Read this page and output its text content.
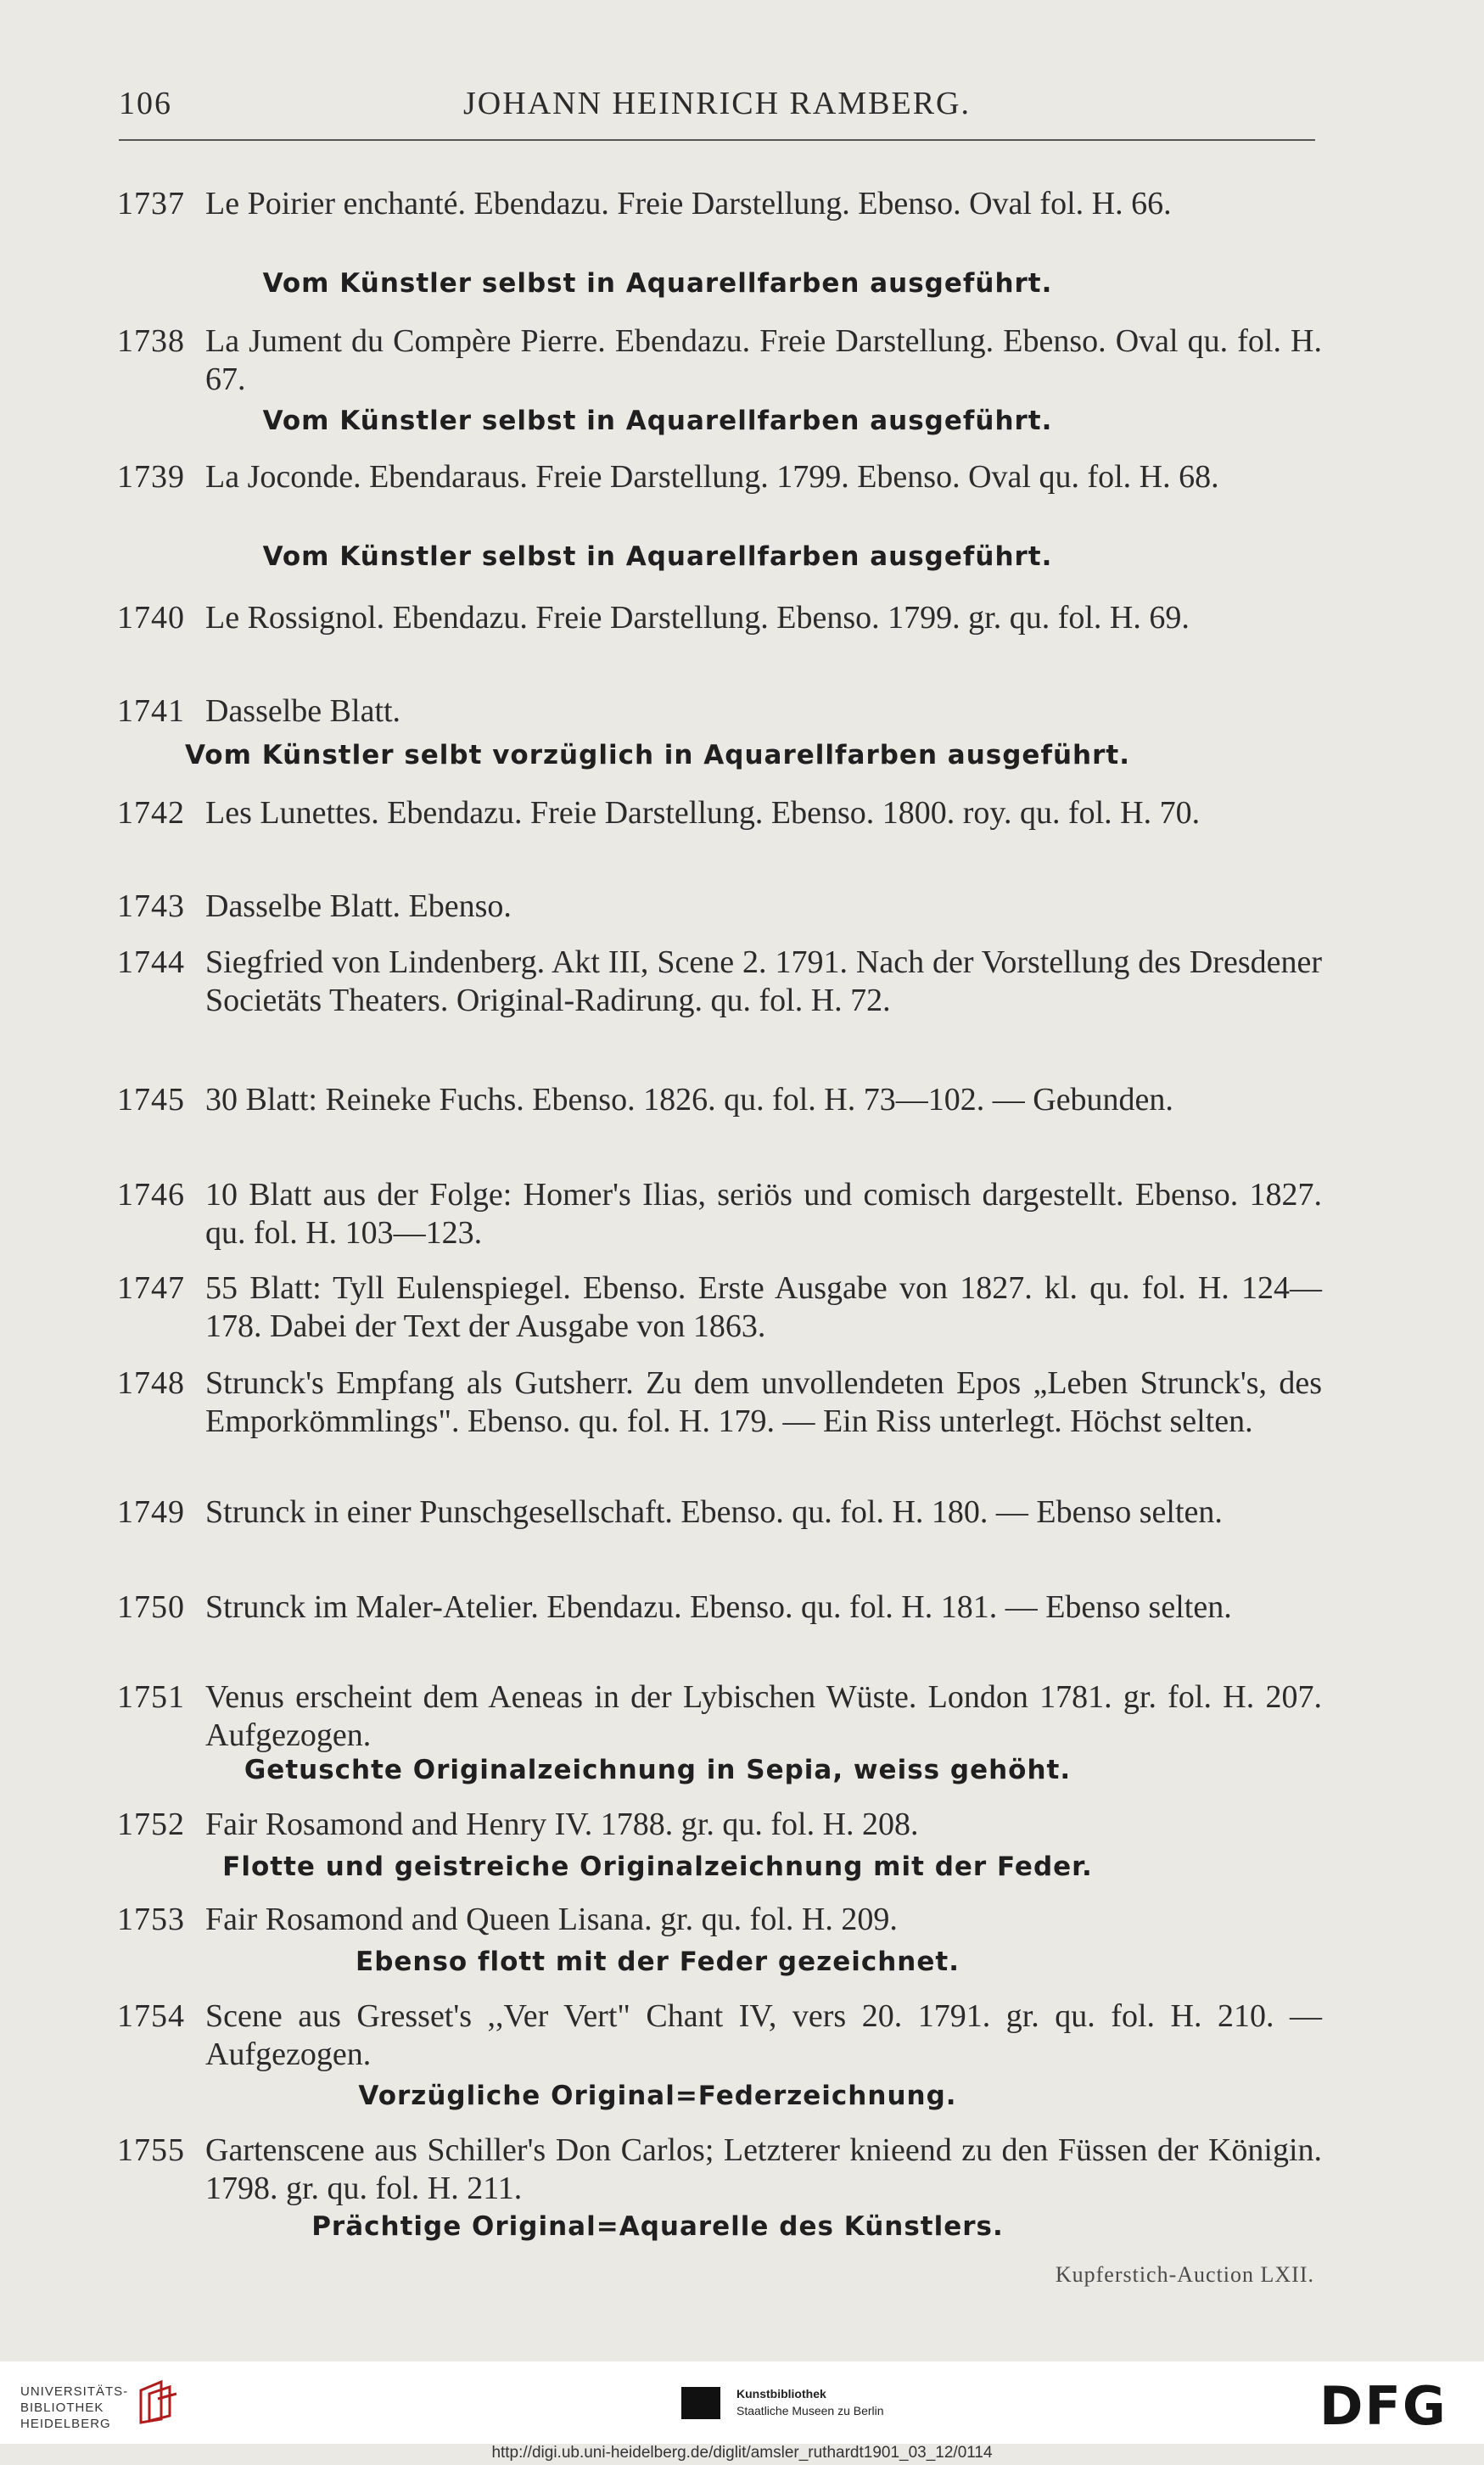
106	JOHANN HEINRICH RAMBERG.
1737 Le Poirier enchanté. Ebendazu. Freie Darstellung. Ebenso. Oval fol. H. 66.
Vom Künstler selbst in Aquarellfarben ausgeführt.
1738 La Jument du Compère Pierre. Ebendazu. Freie Darstellung. Ebenso. Oval qu. fol. H. 67.
Vom Künstler selbst in Aquarellfarben ausgeführt.
1739 La Joconde. Ebendaraus. Freie Darstellung. 1799. Ebenso. Oval qu. fol. H. 68.
Vom Künstler selbst in Aquarellfarben ausgeführt.
1740 Le Rossignol. Ebendazu. Freie Darstellung. Ebenso. 1799. gr. qu. fol. H. 69.
1741 Dasselbe Blatt.
Vom Künstler selbt vorzüglich in Aquarellfarben ausgeführt.
1742 Les Lunettes. Ebendazu. Freie Darstellung. Ebenso. 1800. roy. qu. fol. H. 70.
1743 Dasselbe Blatt. Ebenso.
1744 Siegfried von Lindenberg. Akt III, Scene 2. 1791. Nach der Vorstellung des Dresdener Societäts Theaters. Original-Radirung. qu. fol. H. 72.
1745 30 Blatt: Reineke Fuchs. Ebenso. 1826. qu. fol. H. 73—102. — Gebunden.
1746 10 Blatt aus der Folge: Homer's Ilias, seriös und comisch dargestellt. Ebenso. 1827. qu. fol. H. 103—123.
1747 55 Blatt: Tyll Eulenspiegel. Ebenso. Erste Ausgabe von 1827. kl. qu. fol. H. 124—178. Dabei der Text der Ausgabe von 1863.
1748 Strunck's Empfang als Gutsherr. Zu dem unvollendeten Epos „Leben Strunck's, des Emporkömmlings". Ebenso. qu. fol. H. 179. — Ein Riss unterlegt. Höchst selten.
1749 Strunck in einer Punschgesellschaft. Ebenso. qu. fol. H. 180. — Ebenso selten.
1750 Strunck im Maler-Atelier. Ebendazu. Ebenso. qu. fol. H. 181. — Ebenso selten.
1751 Venus erscheint dem Aeneas in der Lybischen Wüste. London 1781. gr. fol. H. 207. Aufgezogen.
Getuschte Originalzeichnung in Sepia, weiss gehöht.
1752 Fair Rosamond and Henry IV. 1788. gr. qu. fol. H. 208.
Flotte und geistreiche Originalzeichnung mit der Feder.
1753 Fair Rosamond and Queen Lisana. gr. qu. fol. H. 209.
Ebenso flott mit der Feder gezeichnet.
1754 Scene aus Gresset's ,,Ver Vert" Chant IV, vers 20. 1791. gr. qu. fol. H. 210. — Aufgezogen.
Vorzügliche Original=Federzeichnung.
1755 Gartenscene aus Schiller's Don Carlos; Letzterer knieend zu den Füssen der Königin. 1798. gr. qu. fol. H. 211.
Prächtige Original=Aquarelle des Künstlers.
Kupferstich-Auction LXII.
UNIVERSITÄTS-
BIBLIOTHEK
HEIDELBERG
Kunstbibliothek
Staatliche Museen zu Berlin	DFG
http://digi.ub.uni-heidelberg.de/diglit/amsler_ruthardt1901_03_12/0114
